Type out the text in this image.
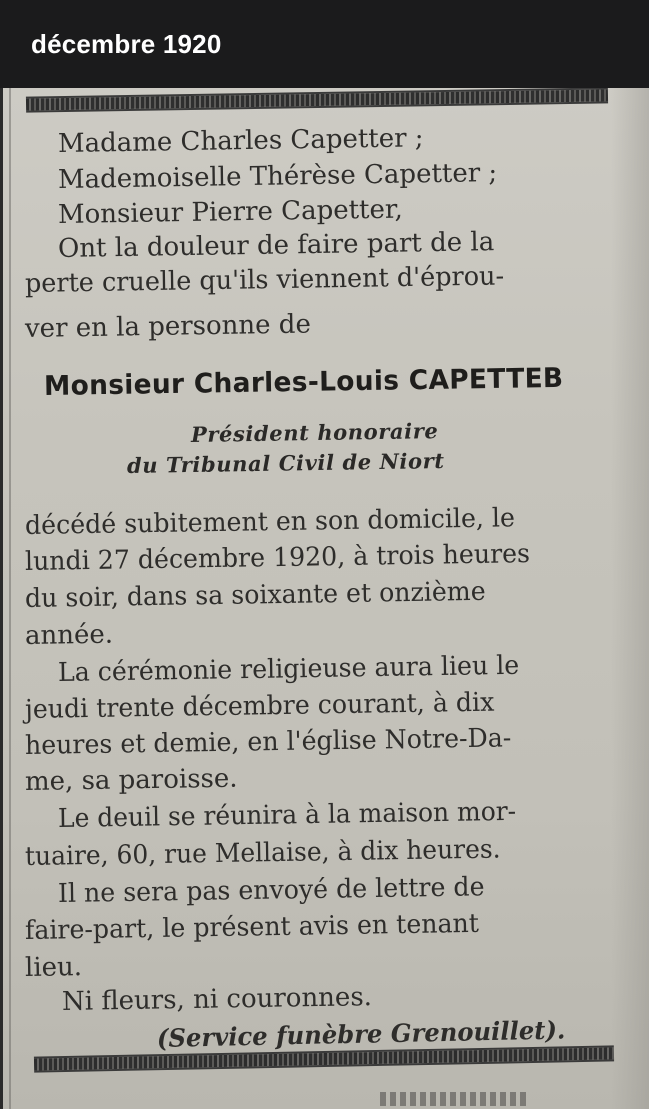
décembre 1920

Madame Charles Capetter ;

Mademoiselle Thérèse Capetter ;

Monsieur Pierre Capetter,

Ont la douleur de faire part de la

perte cruelle qu'ils viennent d'éprou-

ver en la personne de

Monsieur Charles-Louis CAPETTEB

Président honoraire

du Tribunal Civil de Niort

décédé subitement en son domicile, le

lundi 27 décembre 1920, à trois heures

du soir, dans sa soixante et onzième

année.

La cérémonie religieuse aura lieu le

jeudi trente décembre courant, à dix

heures et demie, en l'église Notre-Da-

me, sa paroisse.

Le deuil se réunira à la maison mor-

tuaire, 60, rue Mellaise, à dix heures.

Il ne sera pas envoyé de lettre de

faire-part, le présent avis en tenant

lieu.

Ni fleurs, ni couronnes.

(Service funèbre Grenouillet).
